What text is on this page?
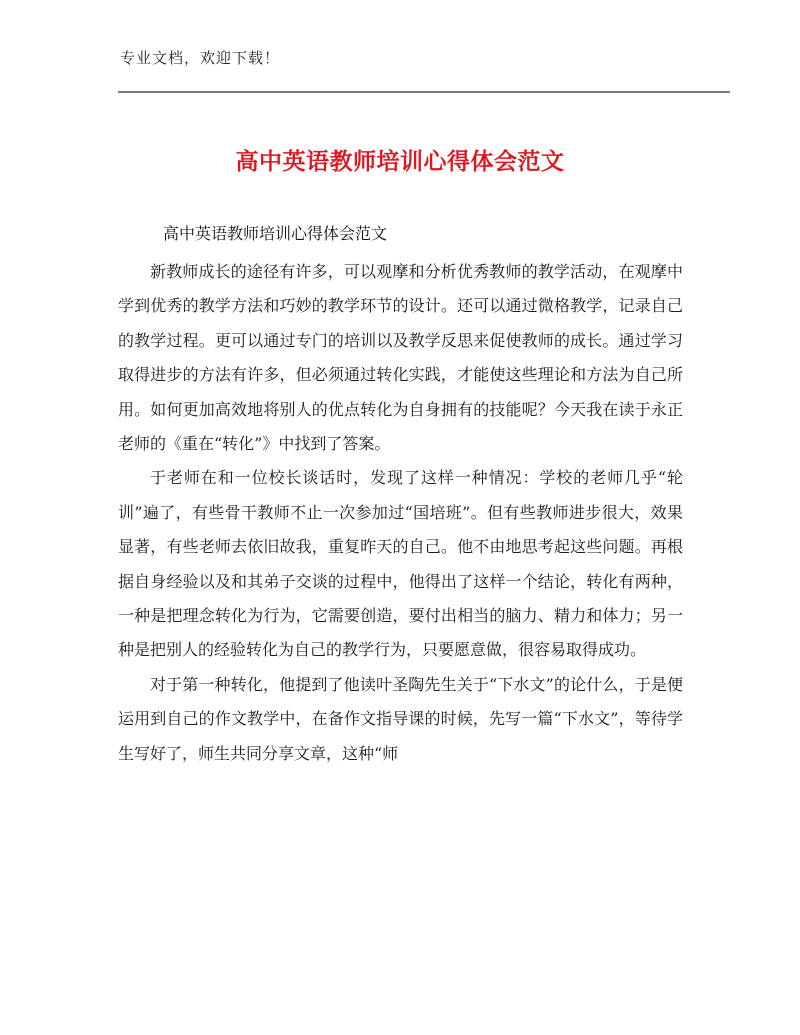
专业文档，欢迎下载！
高中英语教师培训心得体会范文
高中英语教师培训心得体会范文

新教师成长的途径有许多，可以观摩和分析优秀教师的教学活动，在观摩中学到优秀的教学方法和巧妙的教学环节的设计。还可以通过微格教学，记录自己的教学过程。更可以通过专门的培训以及教学反思来促使教师的成长。通过学习取得进步的方法有许多，但必须通过转化实践，才能使这些理论和方法为自己所用。如何更加高效地将别人的优点转化为自身拥有的技能呢？今天我在读于永正老师的《重在“转化”》中找到了答案。

于老师在和一位校长谈话时，发现了这样一种情况：学校的老师几乎“轮训”遍了，有些骨干教师不止一次参加过“国培班”。但有些教师进步很大，效果显著，有些老师去依旧故我，重复昨天的自己。他不由地思考起这些问题。再根据自身经验以及和其弟子交谈的过程中，他得出了这样一个结论，转化有两种，一种是把理念转化为行为，它需要创造，要付出相当的脑力、精力和体力；另一种是把别人的经验转化为自己的教学行为，只要愿意做，很容易取得成功。

对于第一种转化，他提到了他读叶圣陶先生关于“下水文”的论什么，于是便运用到自己的作文教学中，在备作文指导课的时候，先写一篇“下水文”，等待学生写好了，师生共同分享文章，这种“师
